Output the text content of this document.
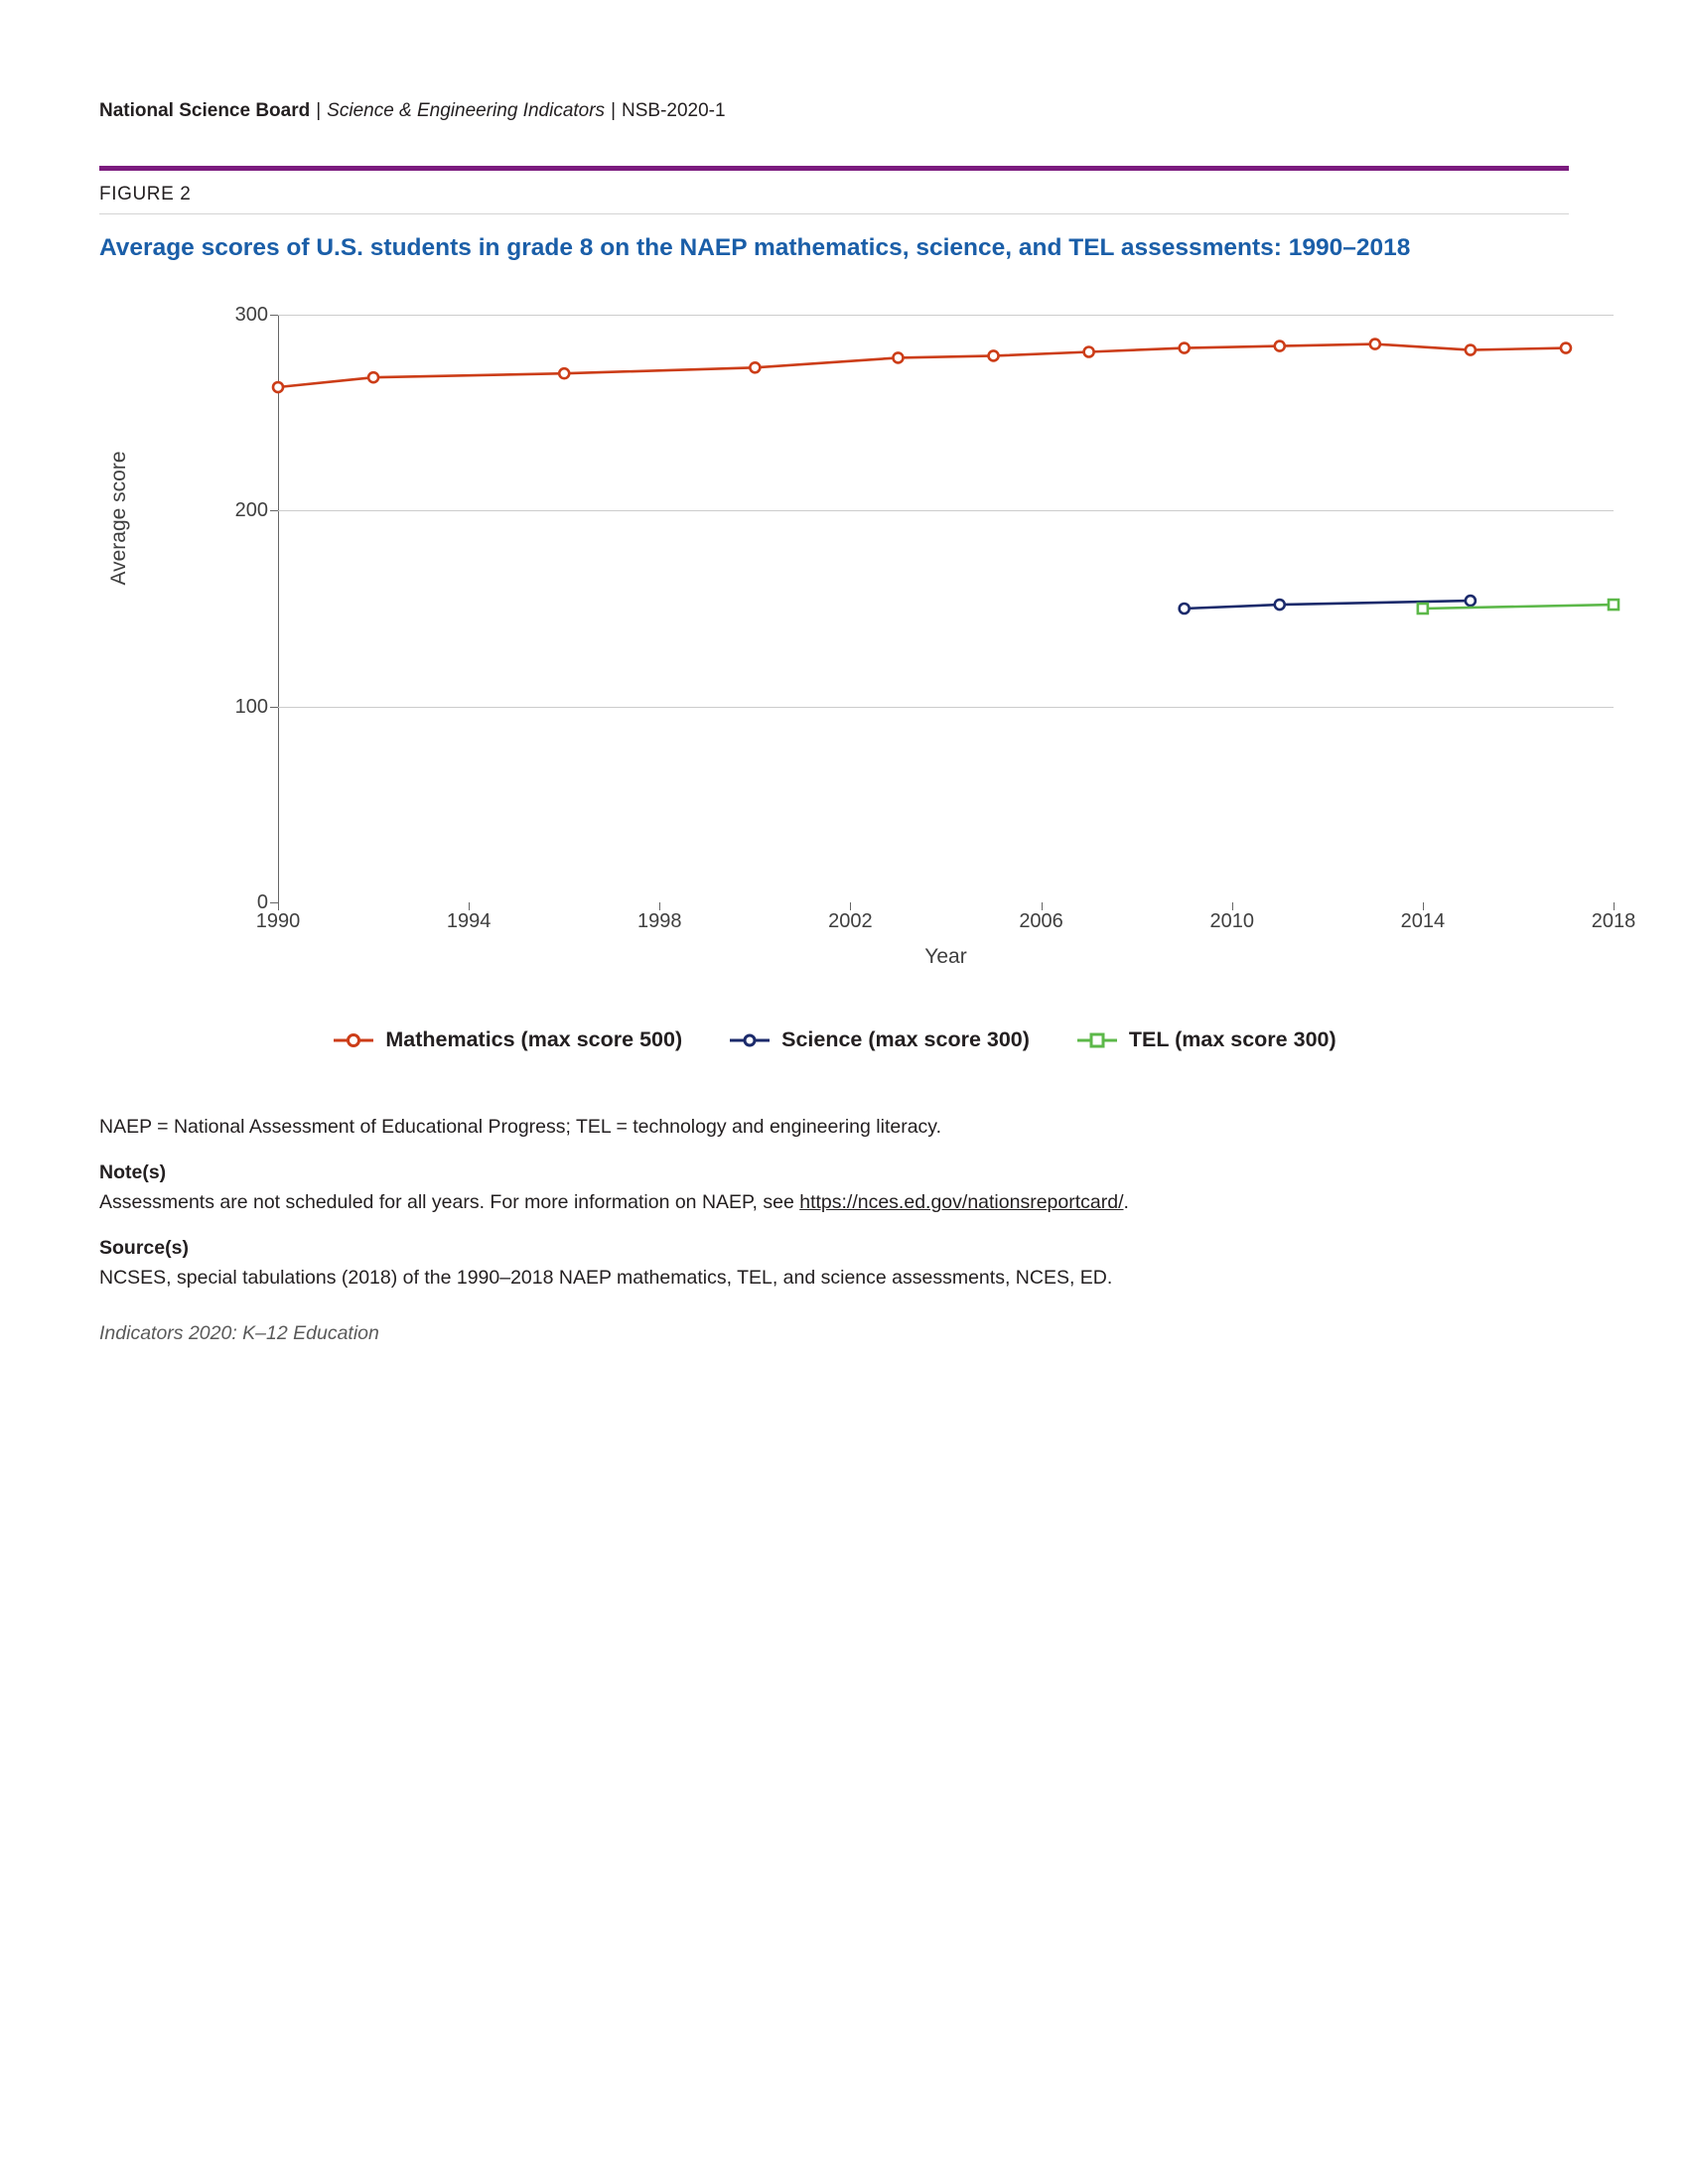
National Science Board | Science & Engineering Indicators | NSB-2020-1
FIGURE 2
Average scores of U.S. students in grade 8 on the NAEP mathematics, science, and TEL assessments: 1990–2018
Average score
Year
0
100
200
300
1990	1994	1998	2002	2006	2010	2014	2018
Mathematics (max score 500)	Science (max score 300)	TEL (max score 300)
NAEP = National Assessment of Educational Progress; TEL = technology and engineering literacy.
Note(s)
Assessments are not scheduled for all years. For more information on NAEP, see https://nces.ed.gov/nationsreportcard/.
Source(s)
NCSES, special tabulations (2018) of the 1990–2018 NAEP mathematics, TEL, and science assessments, NCES, ED.
Indicators 2020: K–12 Education
